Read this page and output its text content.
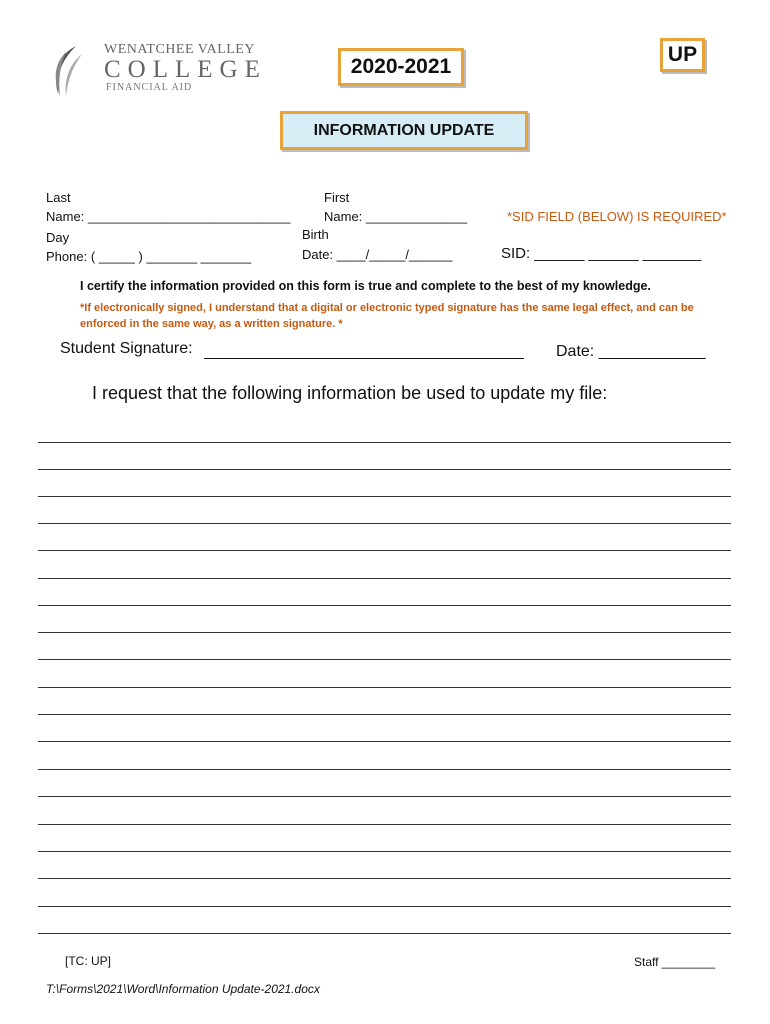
WENATCHEE VALLEY
COLLEGE
FINANCIAL AID
2020-2021
UP
INFORMATION UPDATE
Last
Name: ____________________________
First
Name: ______________	*SID FIELD (BELOW) IS REQUIRED*
Day
Phone: ( _____ ) _______ _______
Birth
Date: ____/_____/______	SID: ______ ______ _______
I certify the information provided on this form is true and complete to the best of my knowledge.
*If electronically signed, I understand that a digital or electronic typed signature has the same legal effect, and can be enforced in the same way, as a written signature. *
Student Signature:	Date: ____________
I request that the following information be used to update my file:
[TC: UP]	Staff ________
T:\Forms\2021\Word\Information Update-2021.docx
